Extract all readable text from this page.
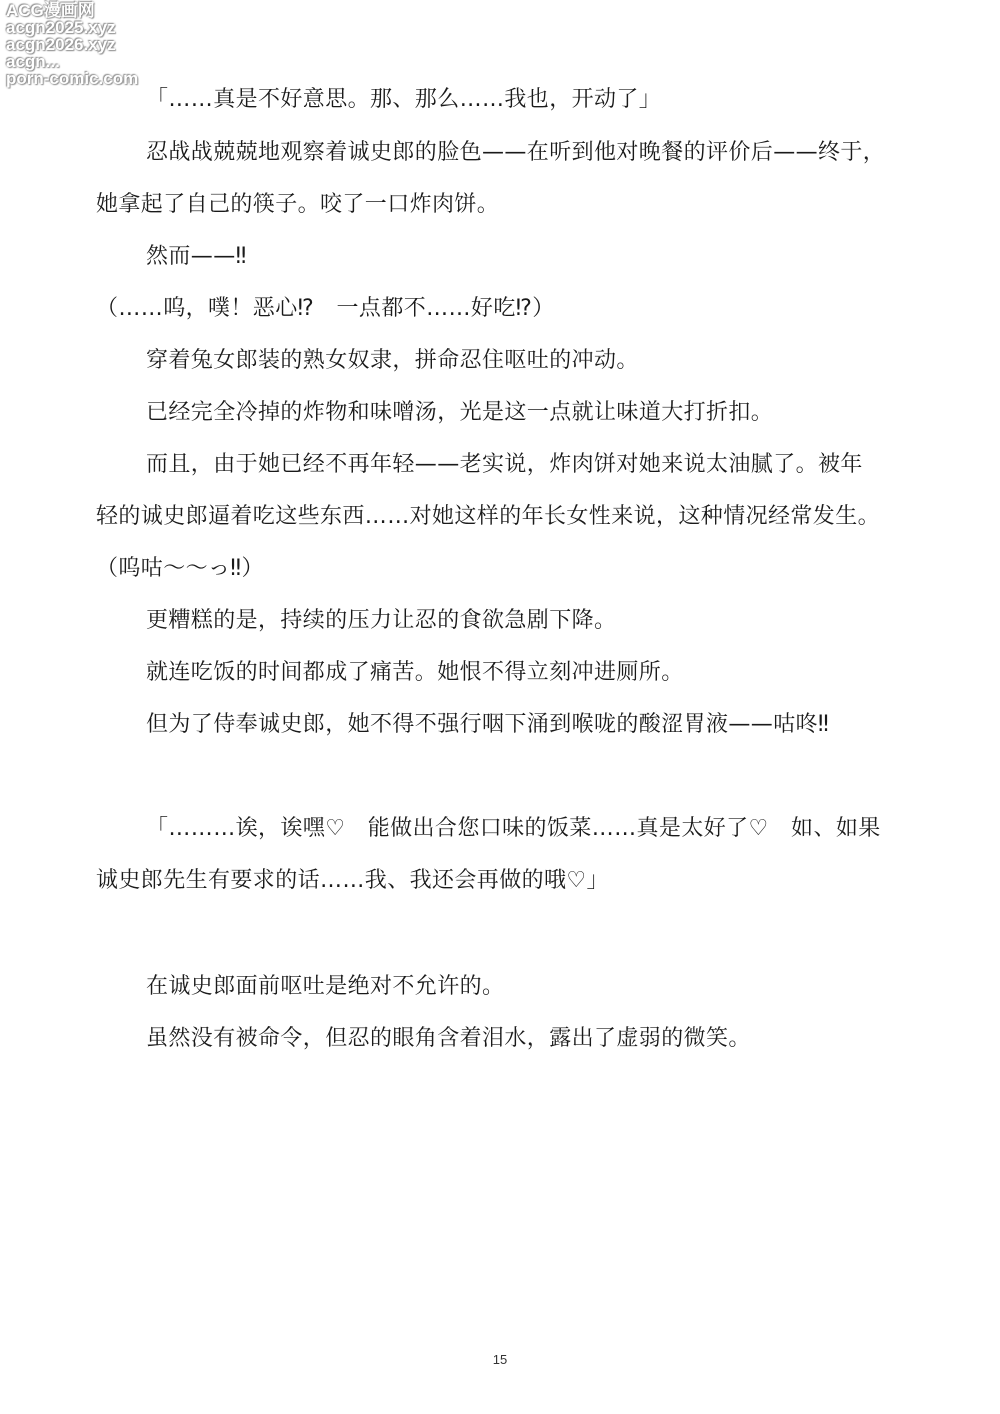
ACG漫画网
acgn2025.xyz
acgn2026.xyz
acgn...
porn-comic.com
「……真是不好意思。那、那么……我也，开动了」
忍战战兢兢地观察着诚史郎的脸色——在听到他对晚餐的评价后——终于，
她拿起了自己的筷子。咬了一口炸肉饼。
然而——‼
（……呜，噗！恶心⁉　一点都不……好吃⁉）
穿着兔女郎装的熟女奴隶，拼命忍住呕吐的冲动。
已经完全冷掉的炸物和味噌汤，光是这一点就让味道大打折扣。
而且，由于她已经不再年轻——老实说，炸肉饼对她来说太油腻了。被年
轻的诚史郎逼着吃这些东西……对她这样的年长女性来说，这种情况经常发生。
（呜咕～～っ‼）
更糟糕的是，持续的压力让忍的食欲急剧下降。
就连吃饭的时间都成了痛苦。她恨不得立刻冲进厕所。
但为了侍奉诚史郎，她不得不强行咽下涌到喉咙的酸涩胃液——咕咚‼
「………诶，诶嘿♡　能做出合您口味的饭菜……真是太好了♡　如、如果
诚史郎先生有要求的话……我、我还会再做的哦♡」
在诚史郎面前呕吐是绝对不允许的。
虽然没有被命令，但忍的眼角含着泪水，露出了虚弱的微笑。
15
